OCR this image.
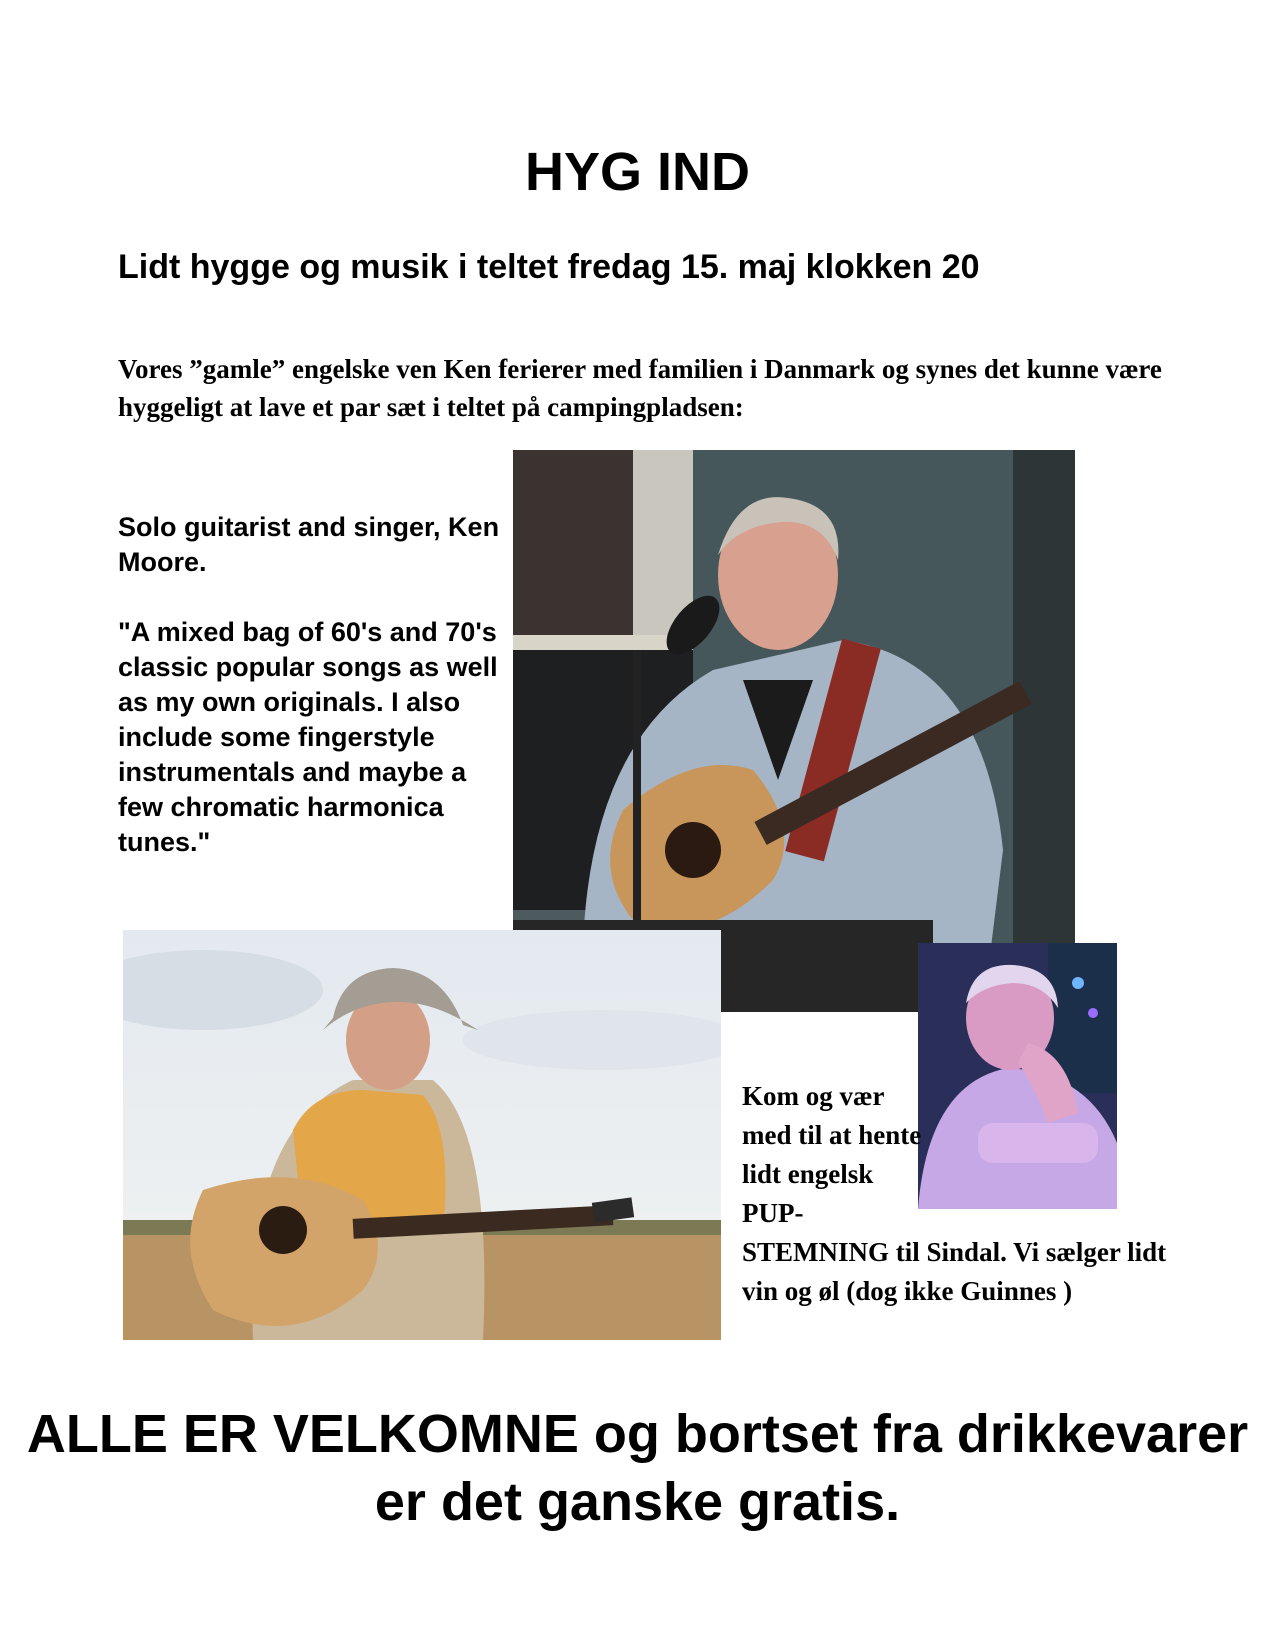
HYG IND
Lidt hygge og musik i teltet fredag 15. maj klokken 20
Vores ”gamle” engelske ven Ken ferierer med familien i Danmark og synes det kunne være hyggeligt at lave et par sæt i teltet på campingpladsen:

Solo guitarist and singer, Ken Moore.

"A mixed bag of 60's and 70's classic popular songs as well as my own originals. I also include some fingerstyle instrumentals and maybe a few chromatic harmonica tunes."

Kom og vær med til at hente lidt engelsk PUP-STEMNING til Sindal. Vi sælger lidt vin og øl (dog ikke Guinnes )
ALLE ER VELKOMNE og bortset fra drikkevarer er det ganske gratis.
